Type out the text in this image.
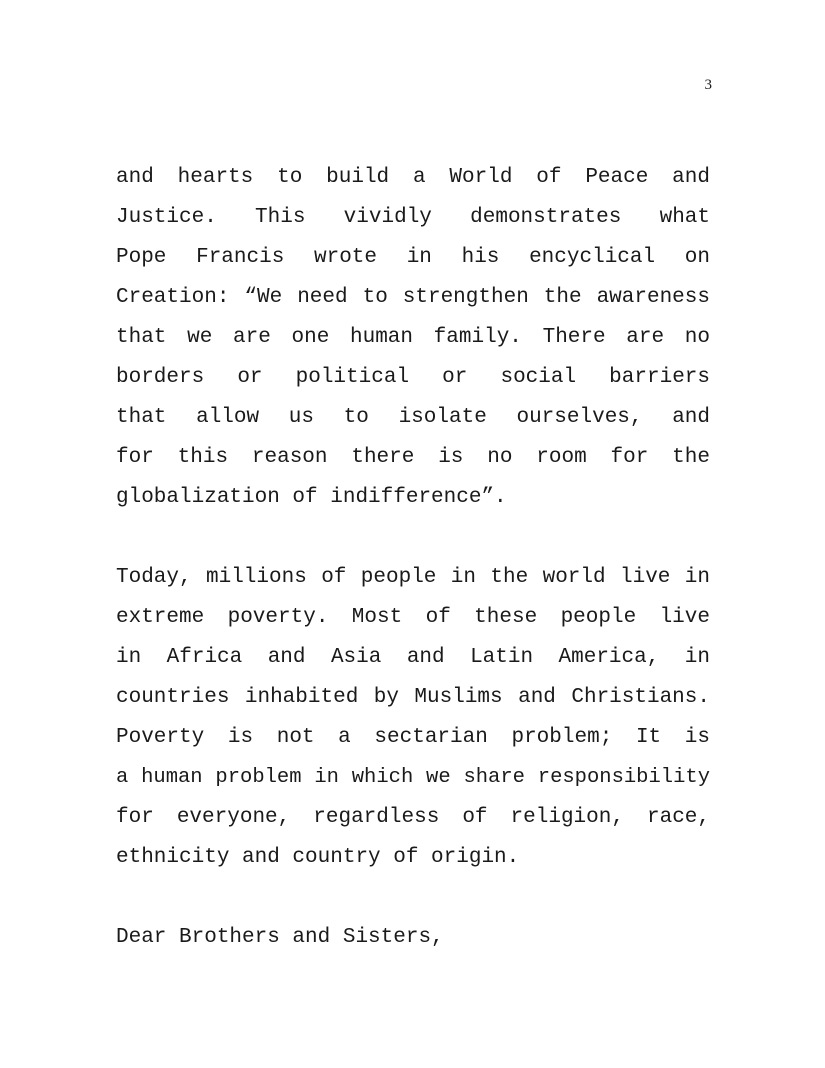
3
and hearts to build a World of Peace and
Justice. This vividly demonstrates what
Pope Francis wrote in his encyclical on
Creation: “We need to strengthen the awareness
that we are one human family. There are no
borders or political or social barriers
that allow us to isolate ourselves, and
for this reason there is no room for the
globalization of indifference”.
Today, millions of people in the world live in
extreme poverty. Most of these people live
in Africa and Asia and Latin America, in
countries inhabited by Muslims and Christians.
Poverty is not a sectarian problem; It is
a human problem in which we share responsibility
for everyone, regardless of religion, race,
ethnicity and country of origin.
Dear Brothers and Sisters,
